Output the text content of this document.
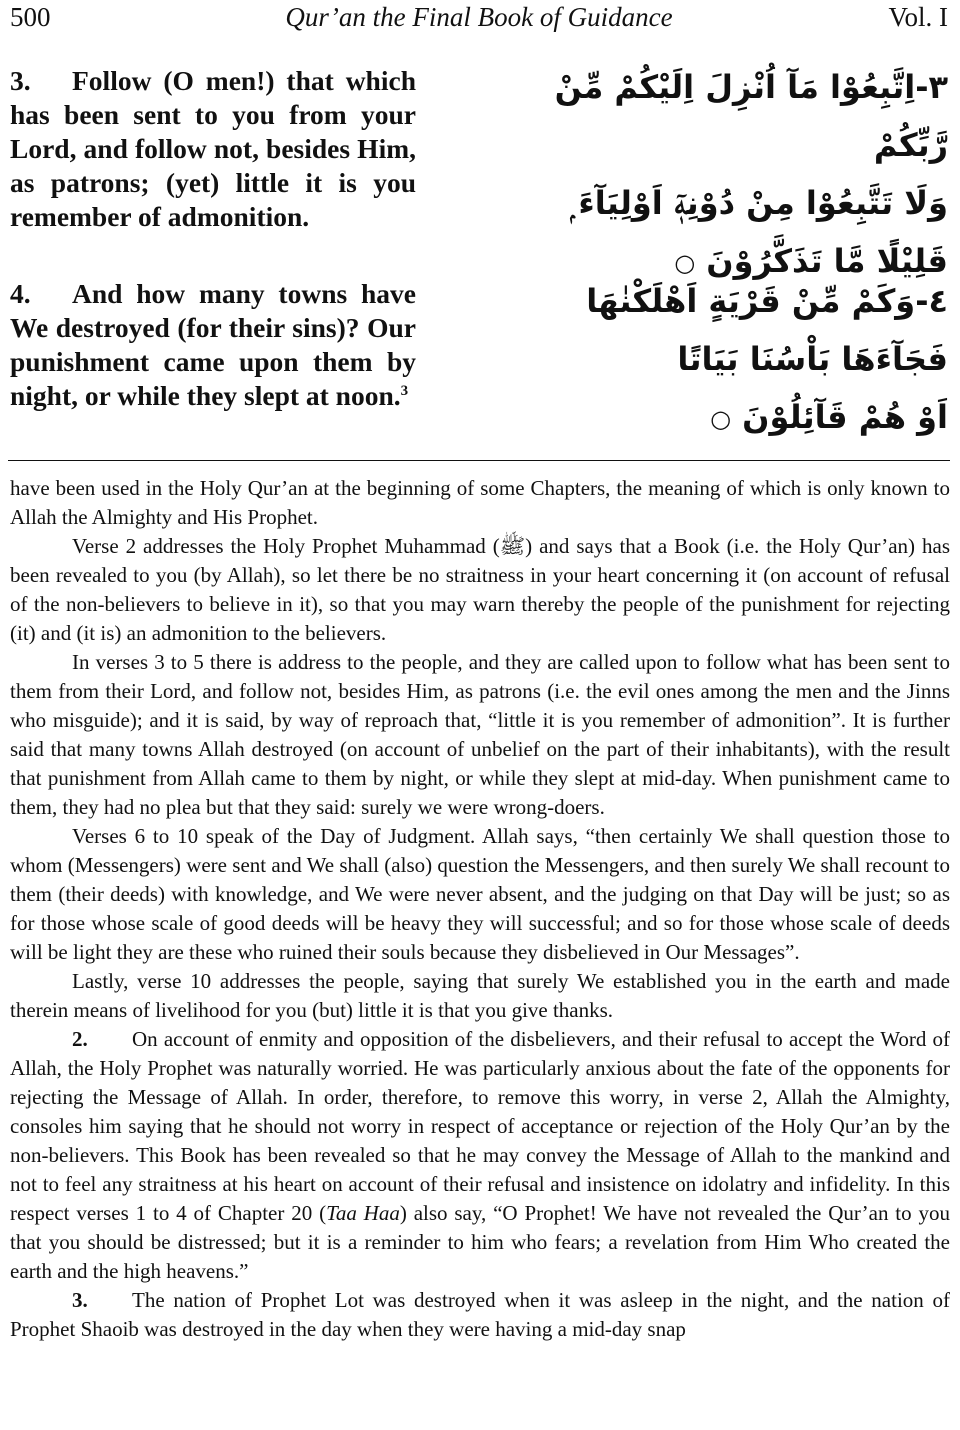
500	Qur’an the Final Book of Guidance	Vol. I
3. Follow (O men!) that which has been sent to you from your Lord, and follow not, besides Him, as patrons; (yet) little it is you remember of admonition.
٣-اِتَّبِعُوْا مَآ اُنْزِلَ اِلَيْكُمْ مِّنْ رَّبِّكُمْ
وَلَا تَتَّبِعُوْا مِنْ دُوْنِهٖٓ اَوْلِيَآءَ ۭ
قَلِيْلًا مَّا تَذَكَّرُوْنَ ○
4. And how many towns have We destroyed (for their sins)? Our punishment came upon them by night, or while they slept at noon.$^3$
٤-وَكَمْ مِّنْ قَرْيَةٍ اَهْلَكْنٰهَا
فَجَآءَهَا بَاْسُنَا بَيَاتًا
اَوْ هُمْ قَآئِلُوْنَ ○

have been used in the Holy Qur’an at the beginning of some Chapters, the meaning of which is only known to Allah the Almighty and His Prophet.

Verse 2 addresses the Holy Prophet Muhammad (ﷺ) and says that a Book (i.e. the Holy Qur’an) has been revealed to you (by Allah), so let there be no straitness in your heart concerning it (on account of refusal of the non-believers to believe in it), so that you may warn thereby the people of the punishment for rejecting (it) and (it is) an admonition to the believers.

In verses 3 to 5 there is address to the people, and they are called upon to follow what has been sent to them from their Lord, and follow not, besides Him, as patrons (i.e. the evil ones among the men and the Jinns who misguide); and it is said, by way of reproach that, “little it is you remember of admonition”. It is further said that many towns Allah destroyed (on account of unbelief on the part of their inhabitants), with the result that punishment from Allah came to them by night, or while they slept at mid-day. When punishment came to them, they had no plea but that they said: surely we were wrong-doers.

Verses 6 to 10 speak of the Day of Judgment. Allah says, “then certainly We shall question those to whom (Messengers) were sent and We shall (also) question the Messengers, and then surely We shall recount to them (their deeds) with knowledge, and We were never absent, and the judging on that Day will be just; so as for those whose scale of good deeds will be heavy they will successful; and so for those whose scale of deeds will be light they are these who ruined their souls because they disbelieved in Our Messages”.

Lastly, verse 10 addresses the people, saying that surely We established you in the earth and made therein means of livelihood for you (but) little it is that you give thanks.

2. On account of enmity and opposition of the disbelievers, and their refusal to accept the Word of Allah, the Holy Prophet was naturally worried. He was particularly anxious about the fate of the opponents for rejecting the Message of Allah. In order, therefore, to remove this worry, in verse 2, Allah the Almighty, consoles him saying that he should not worry in respect of acceptance or rejection of the Holy Qur’an by the non-believers. This Book has been revealed so that he may convey the Message of Allah to the mankind and not to feel any straitness at his heart on account of their refusal and insistence on idolatry and infidelity. In this respect verses 1 to 4 of Chapter 20 (Taa Haa) also say, “O Prophet! We have not revealed the Qur’an to you that you should be distressed; but it is a reminder to him who fears; a revelation from Him Who created the earth and the high heavens.”

3. The nation of Prophet Lot was destroyed when it was asleep in the night, and the nation of Prophet Shaoib was destroyed in the day when they were having a mid-day snap
